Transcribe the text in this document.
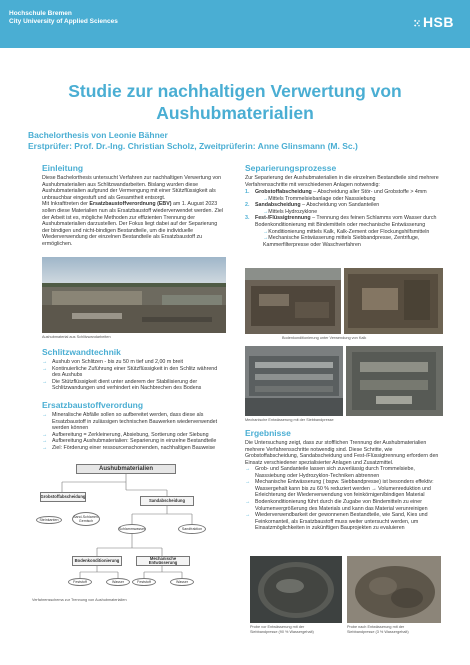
Hochschule Bremen
City University of Applied Sciences	HSB
Studie zur nachhaltigen Verwertung von
Aushubmaterialien
Bachelorthesis von Leonie Bähner
Erstprüfer: Prof. Dr.-Ing. Christian Scholz, Zweitprüferin: Anne Glinsmann (M. Sc.)
Einleitung
Diese Bachelorthesis untersucht Verfahren zur nachhaltigen Verwertung von Aushubmaterialien aus Schlitzwandarbeiten. Bislang wurden diese Aushubmaterialien aufgrund der Vermengung mit einer Stützflüssigkeit als unbrauchbar eingestuft und als Gesamtheit entsorgt.
Mit Inkrafttreten der Ersatzbaustoffverordnung (EBV) am 1. August 2023 sollen diese Materialien nun als Ersatzbaustoff wiederverwendet werden. Ziel der Arbeit ist es, mögliche Methoden zur effizienten Trennung der Aushubmaterialien darzustellen. Der Fokus liegt dabei auf der Separierung der bindigen und nicht-bindigen Bestandteile, um die individuelle Wiederverwendung der einzelnen Bestandteile als Ersatzbaustoff zu ermöglichen.
Aushubmaterial aus Schlitzwandarbeiten
Schlitzwandtechnik
→ Aushub von Schlitzen - bis zu 50 m tief und 2,00 m breit
→ Kontinuierliche Zuführung einer Stützflüssigkeit in den Schlitz während des Aushubs
→ Die Stützflüssigkeit dient unter anderem der Stabilisierung der Schlitzwandungen und verhindert ein Nachbrechen des Bodens
Ersatzbaustoffverordung
→ Mineralische Abfälle sollen so aufbereitet werden, dass diese als Ersatzbaustoff in zulässigen technischen Bauwerken wiederverwendet werden können
→ Aufbereitung = Zerkleinerung, Absiebung, Sortierung oder Siebung
→ Aufbereitung Aushubmaterialien: Separierung in einzelne Bestandteile
→ Ziel: Förderung einer ressourcenschonenden, nachhaltigen Bauweise
Aushubmaterialien
Grobstoffabscheidung
Steinkanten
Sand-Schlamm-Gemisch
Sandabscheidung
Schlammwasser	Sandfraktion
Bodenkonditionierung	Mechanische Entwässerung
Feststoff	Wasser	Feststoff	Wasser
Verfahrensschema zur Trennung von Aushubmaterialien
Separierungsprozesse
Zur Separierung der Aushubmaterialien in die einzelnen Bestandteile sind mehrere Verfahrensschritte mit verschiedenen Anlagen notwendig:
1. Grobstoffabscheidung – Abscheidung aller Stör- und Grobstoffe > 4mm
→ Mittels Trommelsiebanlage oder Nasssiebung
2. Sandabscheidung – Abscheidung von Sandanteilen
→ Mittels Hydrozyklone
3. Fest-/Flüssigtrennung – Trennung des feinen Schlamms vom Wasser durch Bodenkonditionierung mit Bindemitteln oder mechanische Entwässerung
→ Konditionierung mittels Kalk, Kalk-Zement oder Flockungshilfsmitteln
→ Mechanische Entwässerung mittels Siebbandpresse, Zentrifuge, Kammerfilterpresse oder Waschverfahren
Bodenkonditionierung unter Verwendung von Kalk
Mechanische Entwässerung mit der Siebbandpresse
Ergebnisse
Die Untersuchung zeigt, dass zur stofflichen Trennung der Aushubmaterialien mehrere Verfahrensschritte notwendig sind. Diese Schritte, wie Grobstoffabscheidung, Sandabscheidung und Fest-/Flüssigtrennung erfordern den Einsatz verschiedener spezialisierter Anlagen und Zusatzmittel.
→ Grob- und Sandanteile lassen sich zuverlässig durch Trommelsiebe, Nasssiebung oder Hydrozyklon-Techniken abtrennen
→ Mechanische Entwässerung ( bspw. Siebbandpresse) ist besonders effektiv: Wassergehalt kann bis zu 60 % reduziert werden → Volumenreduktion und Erleichterung der Wiederverwendung von feinkörnigen/bindigen Material
→ Bodenkonditionierung führt durch die Zugabe von Bindemitteln zu einer Volumenvergrößerung des Materials und kann das Material verunreinigen
→ Wiederverwendbarkeit der gewonnenen Bestandteile, wie Sand, Kies und Feinkornanteil, als Ersatzbaustoff muss weiter untersucht werden, um Einsatzmöglichkeiten in zukünftigen Bauprojekten zu evaluieren
Probe vor Entwässerung mit der
Siebbandpresse (90 % Wassergehalt)
Probe nach Entwässerung mit der
Siebbandpresse (3 % Wassergehalt)
